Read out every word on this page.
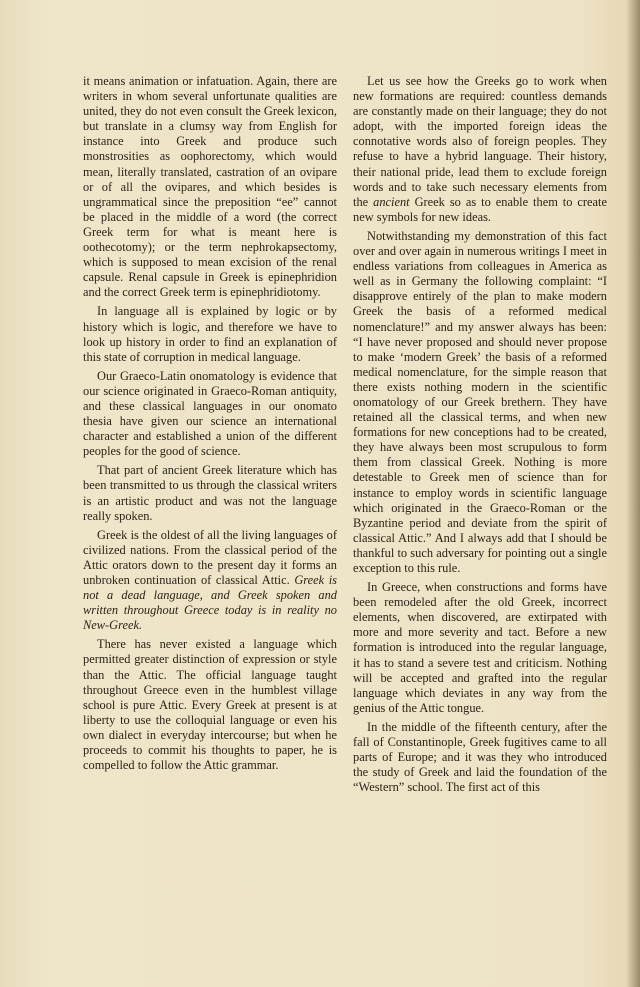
it means animation or infatuation. Again, there are writers in whom several unfortunate qualities are united, they do not even consult the Greek lexicon, but translate in a clumsy way from English for instance into Greek and produce such monstrosities as oophorectomy, which would mean, literally translated, castration of an ovipare or of all the ovipares, and which besides is ungrammatical since the preposition “ee” cannot be placed in the middle of a word (the correct Greek term for what is meant here is oothecotomy); or the term nephrokapsectomy, which is supposed to mean excision of the renal capsule. Renal capsule in Greek is epinephridion and the correct Greek term is epinephridiotomy.

In language all is explained by logic or by history which is logic, and therefore we have to look up history in order to find an explanation of this state of corruption in medical language.

Our Graeco-Latin onomatology is evidence that our science originated in Graeco-Roman antiquity, and these classical languages in our onomato thesia have given our science an international character and established a union of the different peoples for the good of science.

That part of ancient Greek literature which has been transmitted to us through the classical writers is an artistic product and was not the language really spoken.

Greek is the oldest of all the living languages of civilized nations. From the classical period of the Attic orators down to the present day it forms an unbroken continuation of classical Attic. Greek is not a dead language, and Greek spoken and written throughout Greece today is in reality no New-Greek.

There has never existed a language which permitted greater distinction of expression or style than the Attic. The official language taught throughout Greece even in the humblest village school is pure Attic. Every Greek at present is at liberty to use the colloquial language or even his own dialect in everyday intercourse; but when he proceeds to commit his thoughts to paper, he is compelled to follow the Attic grammar.

Let us see how the Greeks go to work when new formations are required: countless demands are constantly made on their language; they do not adopt, with the imported foreign ideas the connotative words also of foreign peoples. They refuse to have a hybrid language. Their history, their national pride, lead them to exclude foreign words and to take such necessary elements from the ancient Greek so as to enable them to create new symbols for new ideas.

Notwithstanding my demonstration of this fact over and over again in numerous writings I meet in endless variations from colleagues in America as well as in Germany the following complaint: “I disapprove entirely of the plan to make modern Greek the basis of a reformed medical nomenclature!” and my answer always has been: “I have never proposed and should never propose to make ‘modern Greek’ the basis of a reformed medical nomenclature, for the simple reason that there exists nothing modern in the scientific onomatology of our Greek brethern. They have retained all the classical terms, and when new formations for new conceptions had to be created, they have always been most scrupulous to form them from classical Greek. Nothing is more detestable to Greek men of science than for instance to employ words in scientific language which originated in the Graeco-Roman or the Byzantine period and deviate from the spirit of classical Attic.” And I always add that I should be thankful to such adversary for pointing out a single exception to this rule.

In Greece, when constructions and forms have been remodeled after the old Greek, incorrect elements, when discovered, are extirpated with more and more severity and tact. Before a new formation is introduced into the regular language, it has to stand a severe test and criticism. Nothing will be accepted and grafted into the regular language which deviates in any way from the genius of the Attic tongue.

In the middle of the fifteenth century, after the fall of Constantinople, Greek fugitives came to all parts of Europe; and it was they who introduced the study of Greek and laid the foundation of the “Western” school. The first act of this
